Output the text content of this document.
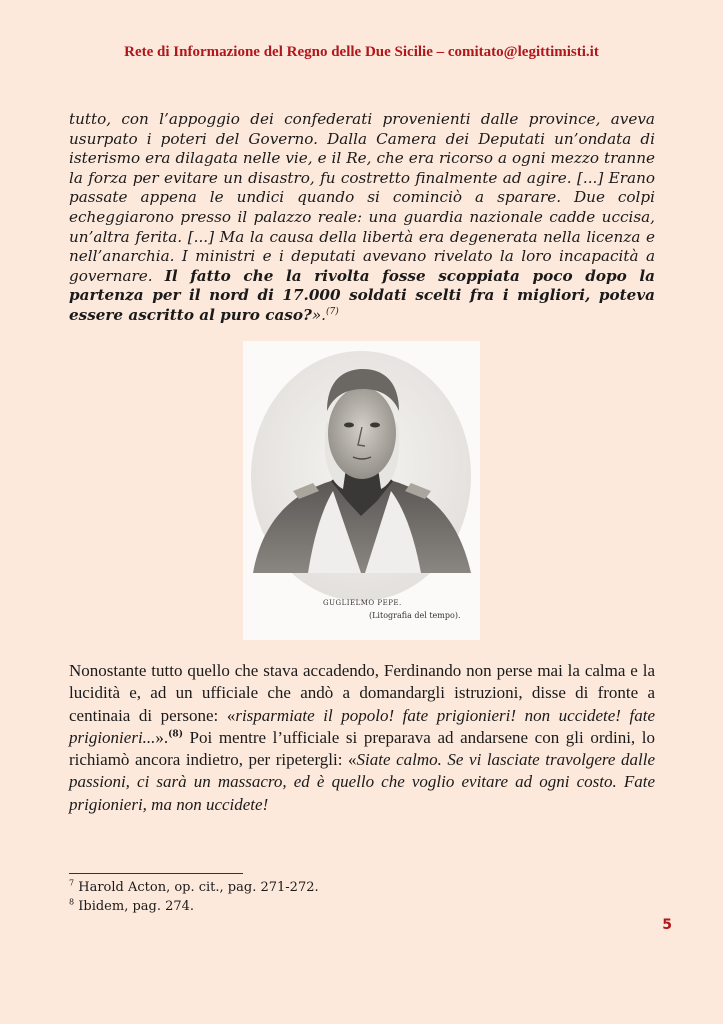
Rete di Informazione del Regno delle Due Sicilie – comitato@legittimisti.it
tutto, con l’appoggio dei confederati provenienti dalle province, aveva usurpato i poteri del Governo. Dalla Camera dei Deputati un’ondata di isterismo era dilagata nelle vie, e il Re, che era ricorso a ogni mezzo tranne la forza per evitare un disastro, fu costretto finalmente ad agire. [...] Erano passate appena le undici quando si cominciò a sparare. Due colpi echeggiarono presso il palazzo reale: una guardia nazionale cadde uccisa, un’altra ferita. [...] Ma la causa della libertà era degenerata nella licenza e nell’anarchia. I ministri e i deputati avevano rivelato la loro incapacità a governare. Il fatto che la rivolta fosse scoppiata poco dopo la partenza per il nord di 17.000 soldati scelti fra i migliori, poteva essere ascritto al puro caso?».$^{(7)}$
GUGLIELMO PEPE.
(Litografia del tempo).
Nonostante tutto quello che stava accadendo, Ferdinando non perse mai la calma e la lucidità e, ad un ufficiale che andò a domandargli istruzioni, disse di fronte a centinaia di persone: «risparmiate il popolo! fate prigionieri! non uccidete! fate prigionieri...».$^{(8)}$ Poi mentre l’ufficiale si preparava ad andarsene con gli ordini, lo richiamò ancora indietro, per ripetergli: «Siate calmo. Se vi lasciate travolgere dalle passioni, ci sarà un massacro, ed è quello che voglio evitare ad ogni costo. Fate prigionieri, ma non uccidete!
$^7$ Harold Acton, op. cit., pag. 271-272.
$^8$ Ibidem, pag. 274.
5
